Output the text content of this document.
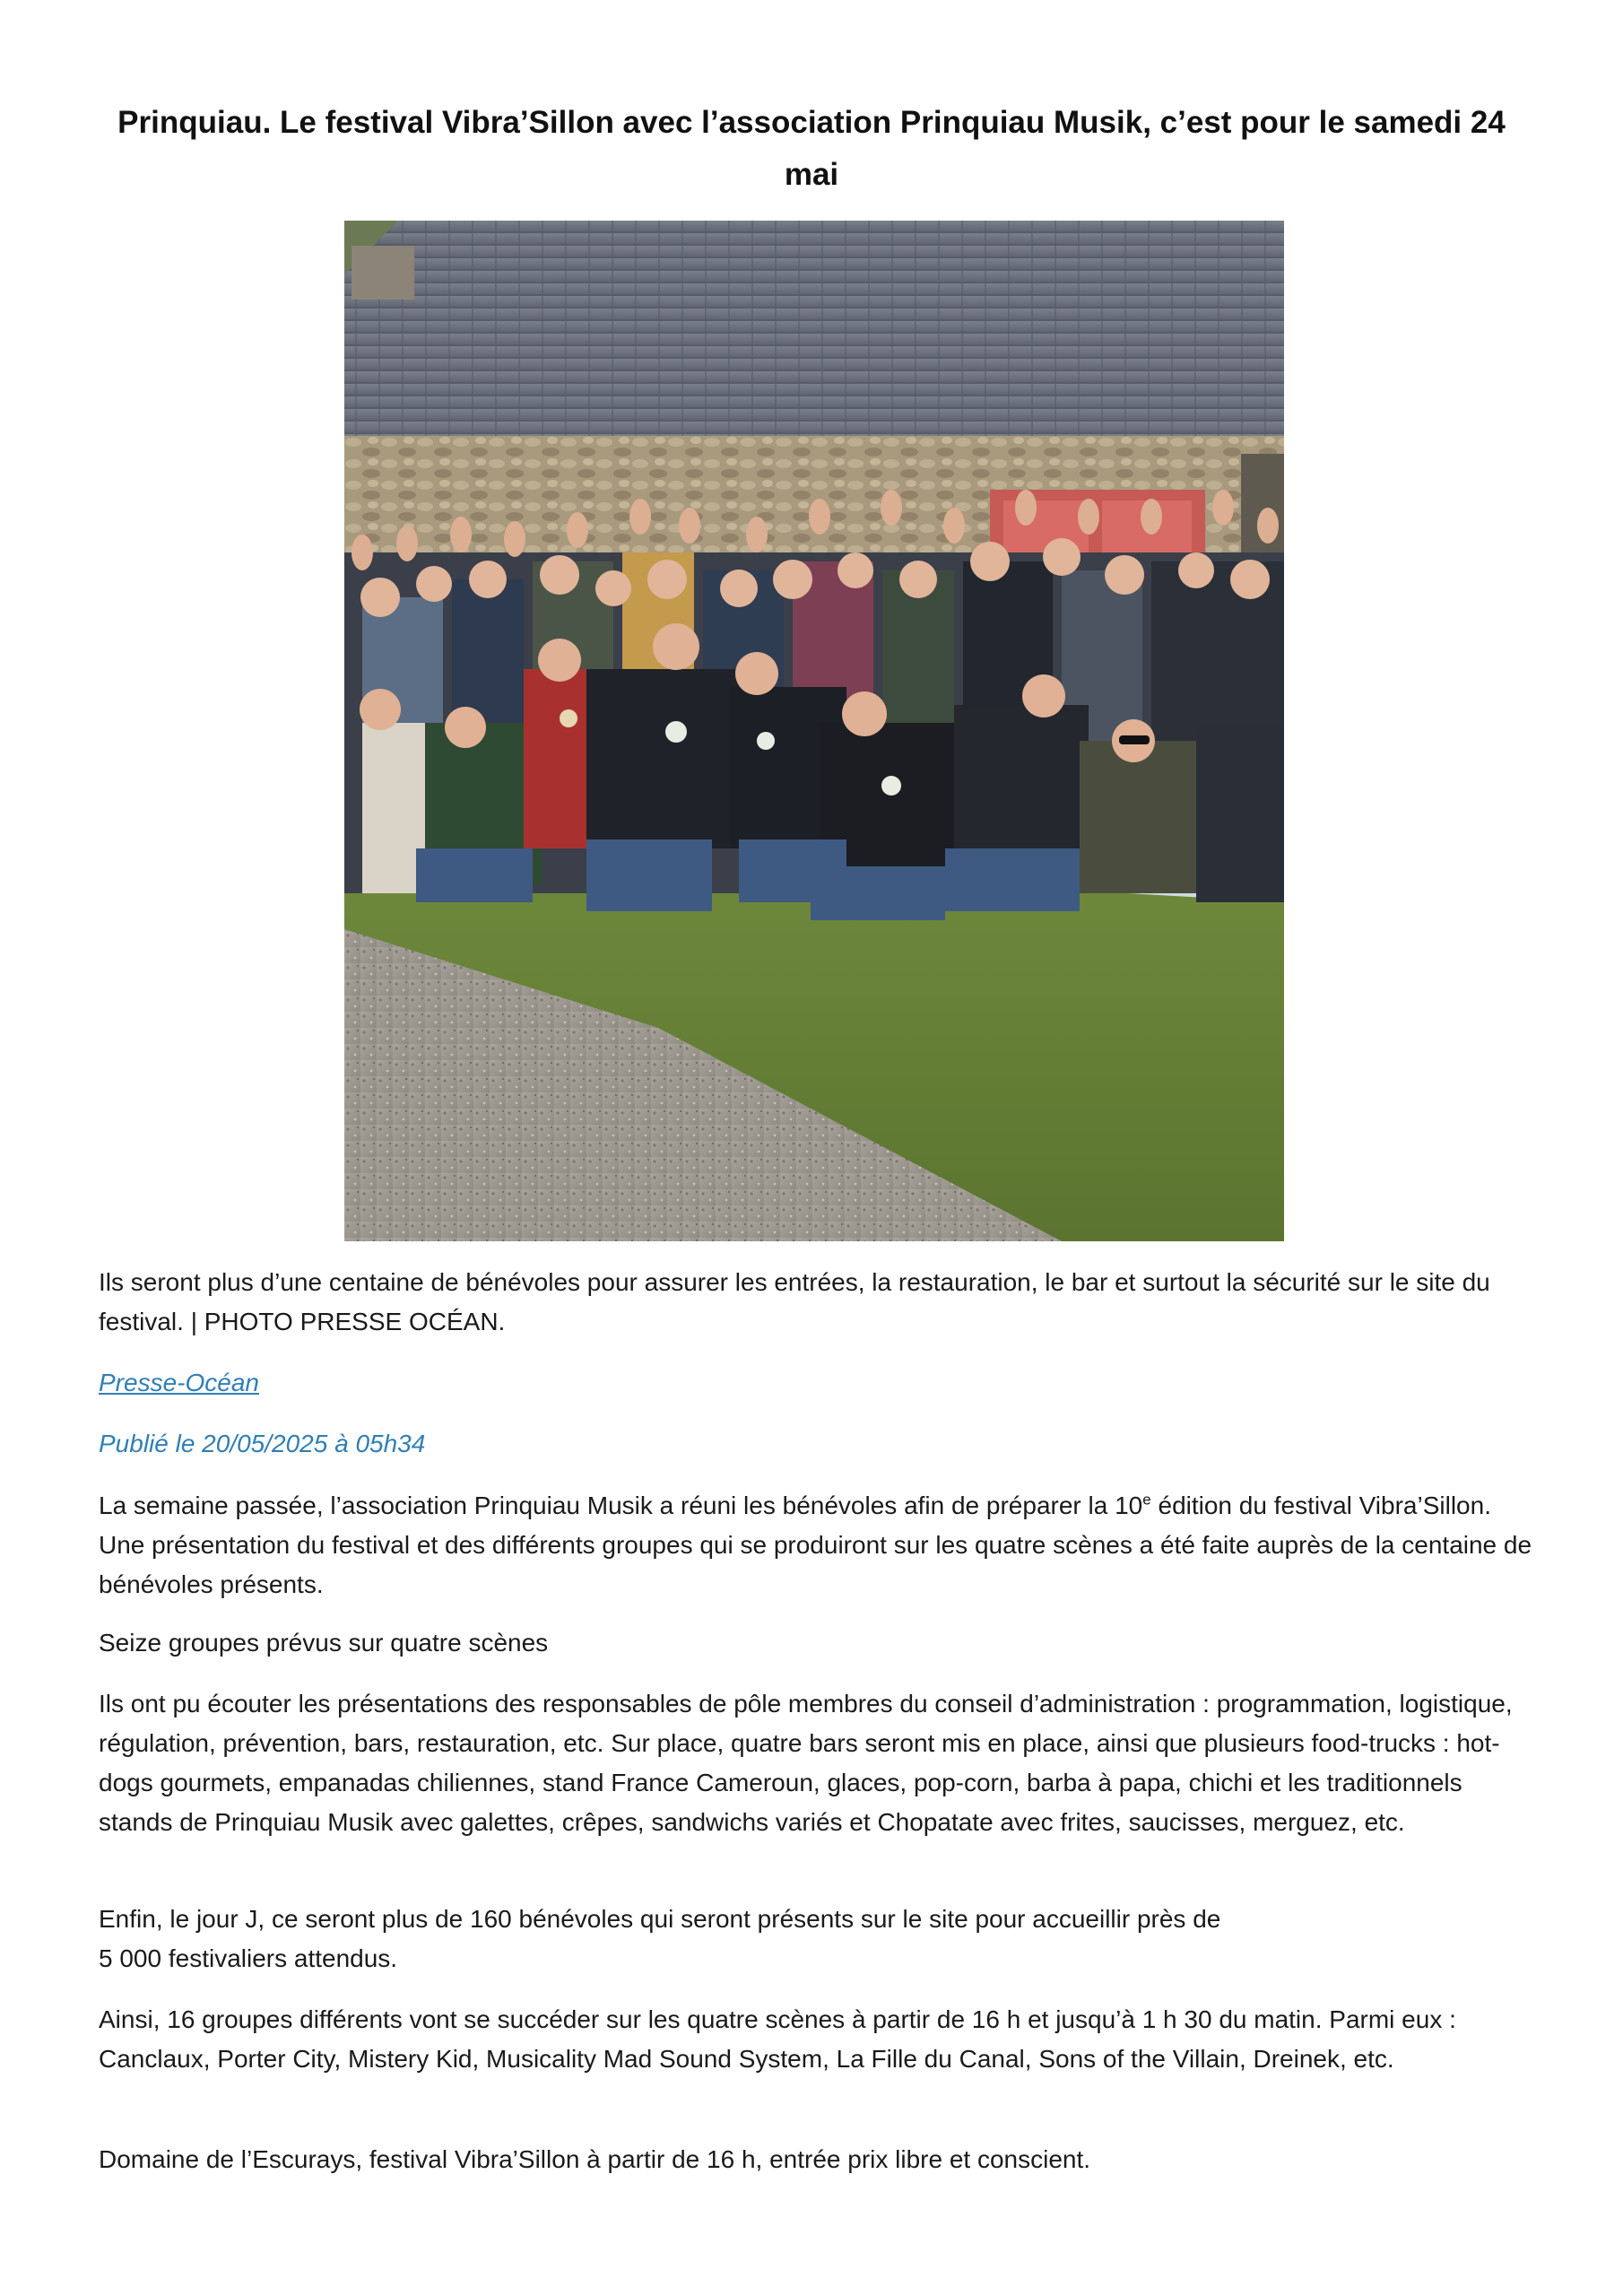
Prinquiau. Le festival Vibra’Sillon avec l’association Prinquiau Musik, c’est pour le samedi 24 mai

Ils seront plus d’une centaine de bénévoles pour assurer les entrées, la restauration, le bar et surtout la sécurité sur le site du festival. | PHOTO PRESSE OCÉAN.

Presse-Océan

Publié le 20/05/2025 à 05h34

La semaine passée, l’association Prinquiau Musik a réuni les bénévoles afin de préparer la 10e édition du festival Vibra’Sillon. Une présentation du festival et des différents groupes qui se produiront sur les quatre scènes a été faite auprès de la centaine de bénévoles présents.

Seize groupes prévus sur quatre scènes

Ils ont pu écouter les présentations des responsables de pôle membres du conseil d’administration : programmation, logistique, régulation, prévention, bars, restauration, etc. Sur place, quatre bars seront mis en place, ainsi que plusieurs food-trucks : hot-dogs gourmets, empanadas chiliennes, stand France Cameroun, glaces, pop-corn, barba à papa, chichi et les traditionnels stands de Prinquiau Musik avec galettes, crêpes, sandwichs variés et Chopatate avec frites, saucisses, merguez, etc.

Enfin, le jour J, ce seront plus de 160 bénévoles qui seront présents sur le site pour accueillir près de
5 000 festivaliers attendus.

Ainsi, 16 groupes différents vont se succéder sur les quatre scènes à partir de 16 h et jusqu’à 1 h 30 du matin. Parmi eux : Canclaux, Porter City, Mistery Kid, Musicality Mad Sound System, La Fille du Canal, Sons of the Villain, Dreinek, etc.

Domaine de l’Escurays, festival Vibra’Sillon à partir de 16 h, entrée prix libre et conscient.
